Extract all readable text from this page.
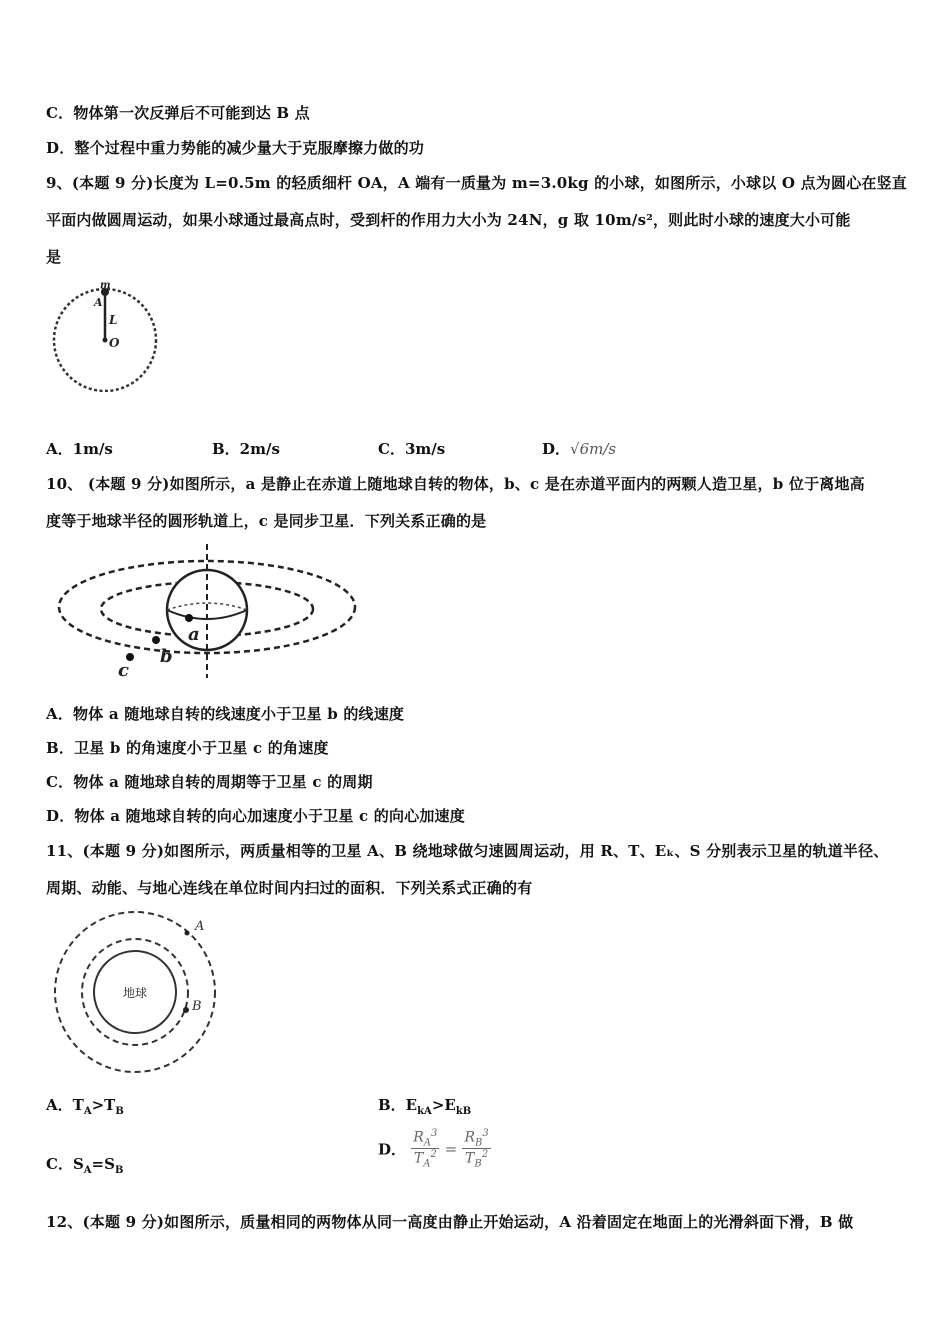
C．物体第一次反弹后不可能到达 B 点
D．整个过程中重力势能的减少量大于克服摩擦力做的功
9、(本题 9 分)长度为 L=0.5m 的轻质细杆 OA，A 端有一质量为 m=3.0kg 的小球，如图所示，小球以 O 点为圆心在竖直
平面内做圆周运动，如果小球通过最高点时，受到杆的作用力大小为 24N，g 取 10m/s²，则此时小球的速度大小可能
是
m
A
L
O
A．1m/s	B．2m/s	C．3m/s	D．√6m/s
10、 (本题 9 分)如图所示，a 是静止在赤道上随地球自转的物体，b、c 是在赤道平面内的两颗人造卫星，b 位于离地高
度等于地球半径的圆形轨道上，c 是同步卫星．下列关系正确的是
a
b
c
A．物体 a 随地球自转的线速度小于卫星 b 的线速度
B．卫星 b 的角速度小于卫星 c 的角速度
C．物体 a 随地球自转的周期等于卫星 c 的周期
D．物体 a 随地球自转的向心加速度小于卫星 c 的向心加速度
11、(本题 9 分)如图所示，两质量相等的卫星 A、B 绕地球做匀速圆周运动，用 R、T、Eₖ、S 分别表示卫星的轨道半径、
周期、动能、与地心连线在单位时间内扫过的面积．下列关系式正确的有
地球
A
B
A．$T_A>T_B$	B．$E_{kA}>E_{kB}$
C．$S_A=S_B$
D． $\frac{R_A^3}{T_A^2} = \frac{R_B^3}{T_B^2}$
12、(本题 9 分)如图所示，质量相同的两物体从同一高度由静止开始运动，A 沿着固定在地面上的光滑斜面下滑，B 做
